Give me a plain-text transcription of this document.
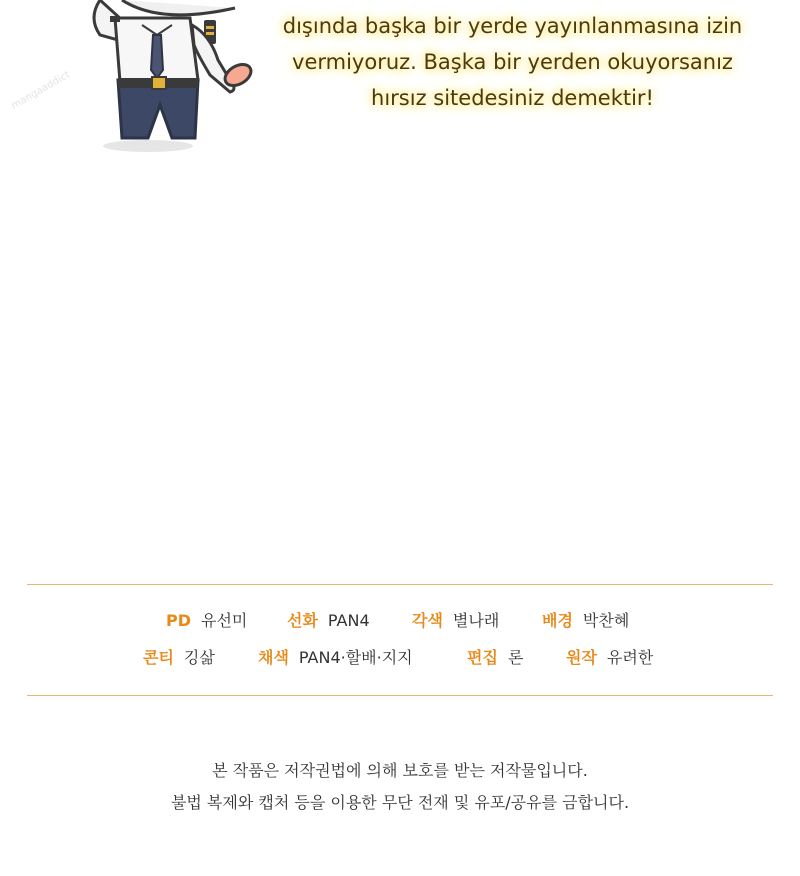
mangaaddict
dışında başka bir yerde yayınlanmasına izin
vermiyoruz. Başka bir yerden okuyorsanız
hırsız sitedesiniz demektir!
PD 유선미 선화 PAN4	각색 별나래	배경 박찬혜
콘티 깅삶	채색 PAN4·할배·지지	편집 론	원작 유려한
본 작품은 저작권법에 의해 보호를 받는 저작물입니다.
불법 복제와 캡처 등을 이용한 무단 전재 및 유포/공유를 금합니다.
